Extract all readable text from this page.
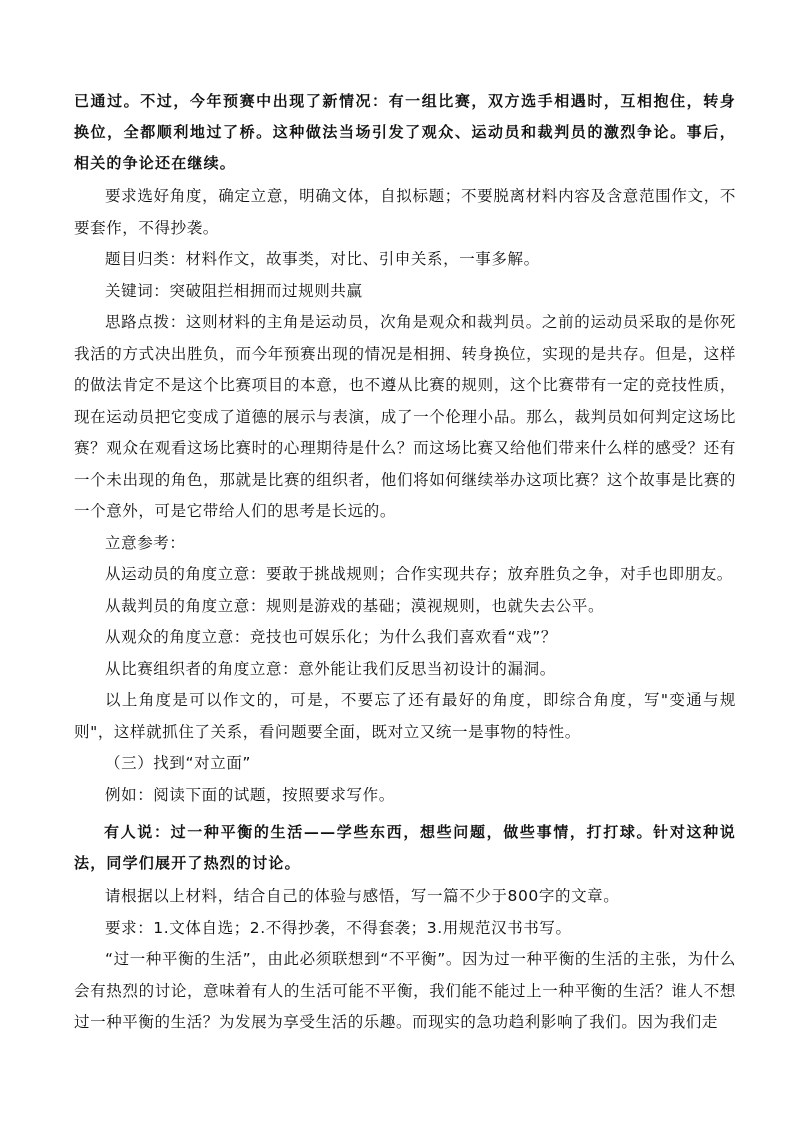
已通过。不过，今年预赛中出现了新情况：有一组比赛，双方选手相遇时，互相抱住，转身换位，全都顺利地过了桥。这种做法当场引发了观众、运动员和裁判员的激烈争论。事后，相关的争论还在继续。

要求选好角度，确定立意，明确文体，自拟标题；不要脱离材料内容及含意范围作文，不要套作，不得抄袭。

题目归类：材料作文，故事类，对比、引申关系，一事多解。

关键词：突破阻拦相拥而过规则共赢

思路点拨：这则材料的主角是运动员，次角是观众和裁判员。之前的运动员采取的是你死我活的方式决出胜负，而今年预赛出现的情况是相拥、转身换位，实现的是共存。但是，这样的做法肯定不是这个比赛项目的本意，也不遵从比赛的规则，这个比赛带有一定的竞技性质，现在运动员把它变成了道德的展示与表演，成了一个伦理小品。那么，裁判员如何判定这场比赛？观众在观看这场比赛时的心理期待是什么？而这场比赛又给他们带来什么样的感受？还有一个未出现的角色，那就是比赛的组织者，他们将如何继续举办这项比赛？这个故事是比赛的一个意外，可是它带给人们的思考是长远的。

立意参考：

从运动员的角度立意：要敢于挑战规则；合作实现共存；放弃胜负之争，对手也即朋友。

从裁判员的角度立意：规则是游戏的基础；漠视规则，也就失去公平。

从观众的角度立意：竞技也可娱乐化；为什么我们喜欢看“戏”？

从比赛组织者的角度立意：意外能让我们反思当初设计的漏洞。

以上角度是可以作文的，可是，不要忘了还有最好的角度，即综合角度，写"变通与规则"，这样就抓住了关系，看问题要全面，既对立又统一是事物的特性。

（三）找到“对立面”

例如：阅读下面的试题，按照要求写作。

有人说：过一种平衡的生活——学些东西，想些问题，做些事情，打打球。针对这种说法，同学们展开了热烈的讨论。

请根据以上材料，结合自己的体验与感悟，写一篇不少于800字的文章。

要求：1.文体自选；2.不得抄袭，不得套袭；3.用规范汉书书写。

“过一种平衡的生活”，由此必须联想到“不平衡”。因为过一种平衡的生活的主张，为什么会有热烈的讨论，意味着有人的生活可能不平衡，我们能不能过上一种平衡的生活？谁人不想过一种平衡的生活？为发展为享受生活的乐趣。而现实的急功趋利影响了我们。因为我们走
